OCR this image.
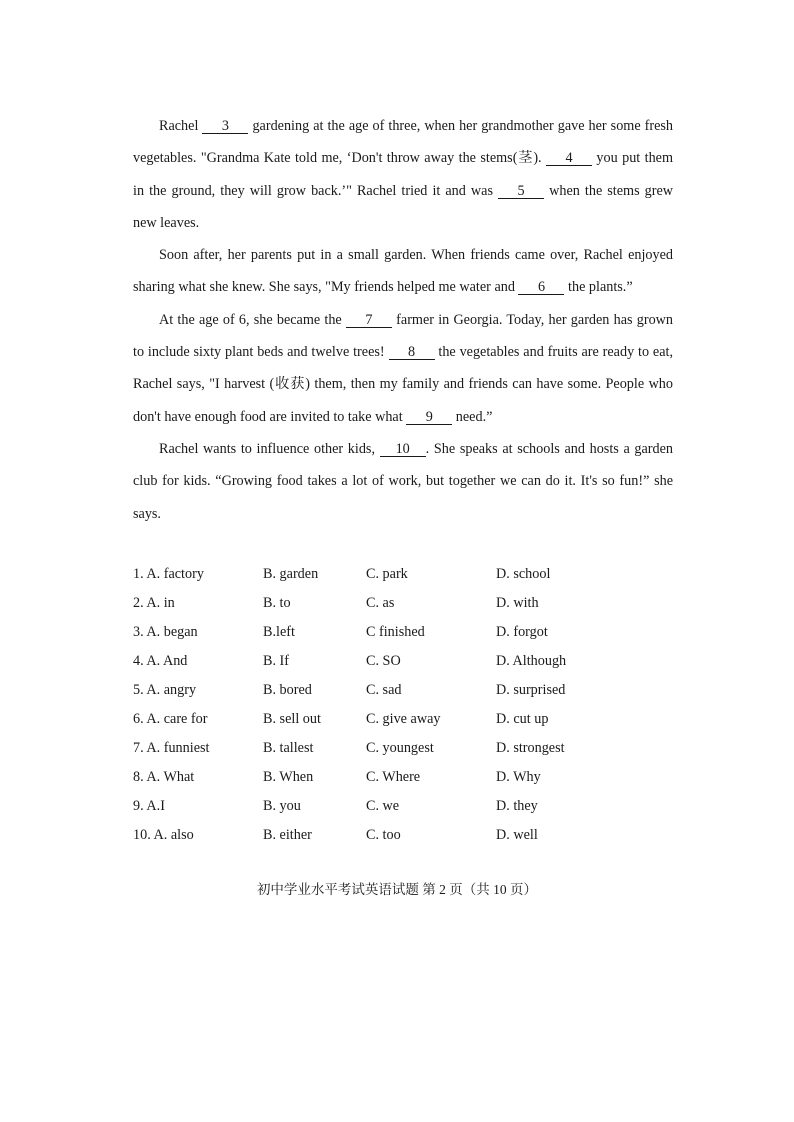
Rachel 3 gardening at the age of three, when her grandmother gave her some fresh vegetables. "Grandma Kate told me, ‘Don't throw away the stems(茎). 4 you put them in the ground, they will grow back.’" Rachel tried it and was 5 when the stems grew new leaves.

Soon after, her parents put in a small garden. When friends came over, Rachel enjoyed sharing what she knew. She says, "My friends helped me water and 6 the plants.”

At the age of 6, she became the 7 farmer in Georgia. Today, her garden has grown to include sixty plant beds and twelve trees! 8 the vegetables and fruits are ready to eat, Rachel says, "I harvest (收获) them, then my family and friends can have some. People who don't have enough food are invited to take what 9 need.”

Rachel wants to influence other kids, 10 . She speaks at schools and hosts a garden club for kids. “Growing food takes a lot of work, but together we can do it. It's so fun!” she says.

1. A. factory	B. garden	C. park	D. school
2. A. in	B. to	C. as	D. with
3. A. began	B.left	C finished	D. forgot
4. A. And	B. If	C. SO	D. Although
5. A. angry	B. bored	C. sad	D. surprised
6. A. care for	B. sell out	C. give away	D. cut up
7. A. funniest	B. tallest	C. youngest	D. strongest
8. A. What	B. When	C. Where	D. Why
9. A.I	B. you	C. we	D. they
10. A. also	B. either	C. too	D. well
初中学业水平考试英语试题 第 2 页（共 10 页）
